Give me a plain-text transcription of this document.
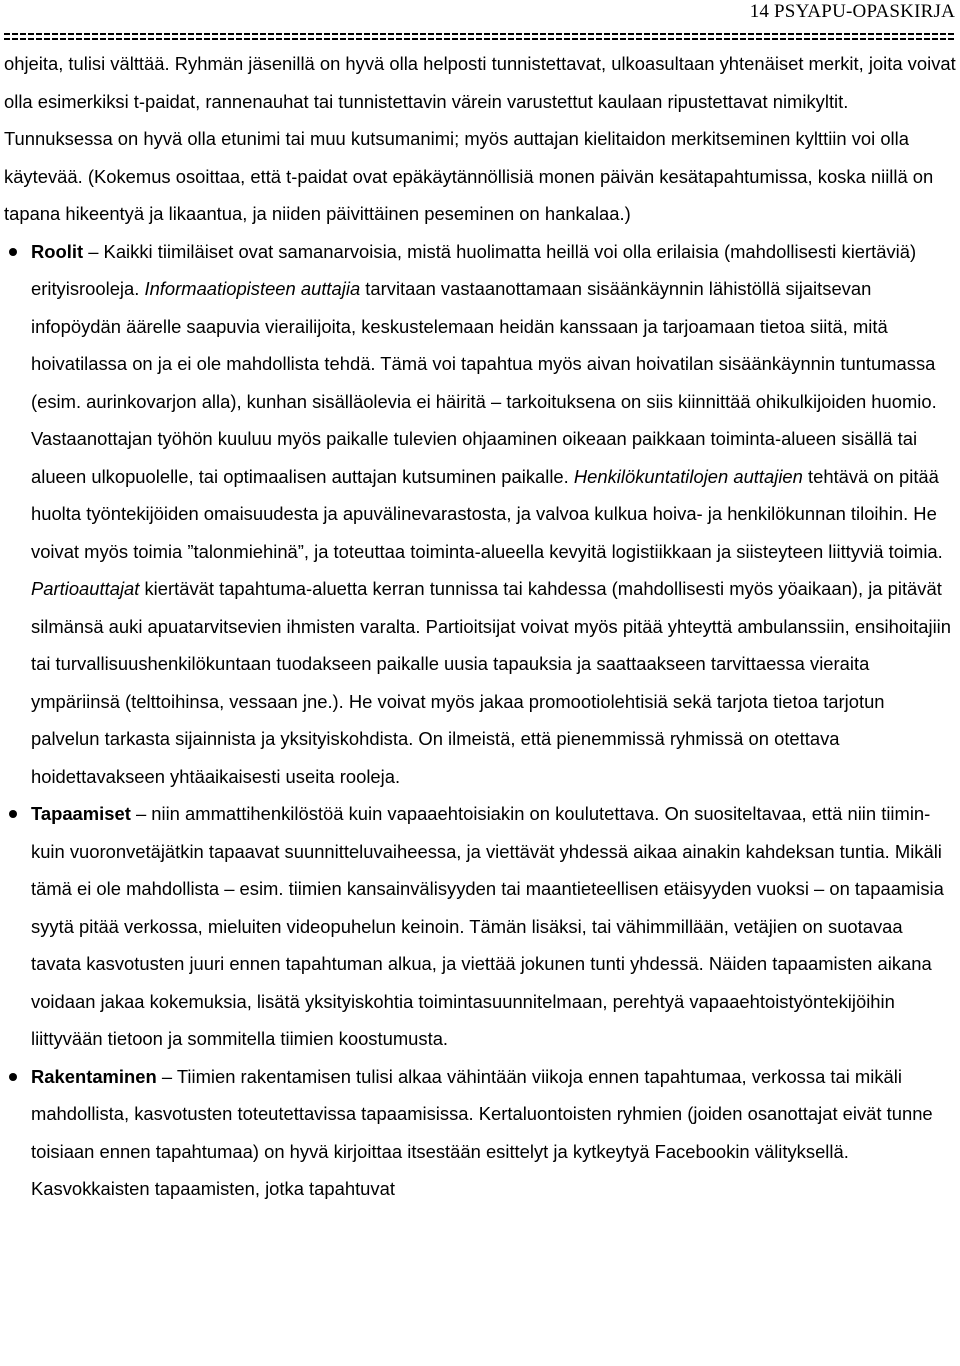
14 PSYAPU-OPASKIRJA

ohjeita, tulisi välttää. Ryhmän jäsenillä on hyvä olla helposti tunnistettavat, ulkoasultaan yhtenäiset merkit, joita voivat olla esimerkiksi t-paidat, rannenauhat tai tunnistettavin värein varustettut kaulaan ripustettavat nimikyltit. Tunnuksessa on hyvä olla etunimi tai muu kutsumanimi; myös auttajan kielitaidon merkitseminen kylttiin voi olla käytevää. (Kokemus osoittaa, että t-paidat ovat epäkäytännöllisiä monen päivän kesätapahtumissa, koska niillä on tapana hikeentyä ja likaantua, ja niiden päivittäinen peseminen on hankalaa.)

Roolit – Kaikki tiimiläiset ovat samanarvoisia, mistä huolimatta heillä voi olla erilaisia (mahdollisesti kiertäviä) erityisrooleja. Informaatiopisteen auttajia tarvitaan vastaanottamaan sisäänkäynnin lähistöllä sijaitsevan infopöydän äärelle saapuvia vierailijoita, keskustelemaan heidän kanssaan ja tarjoamaan tietoa siitä, mitä hoivatilassa on ja ei ole mahdollista tehdä. Tämä voi tapahtua myös aivan hoivatilan sisäänkäynnin tuntumassa (esim. aurinkovarjon alla), kunhan sisälläolevia ei häiritä – tarkoituksena on siis kiinnittää ohikulkijoiden huomio. Vastaanottajan työhön kuuluu myös paikalle tulevien ohjaaminen oikeaan paikkaan toiminta-alueen sisällä tai alueen ulkopuolelle, tai optimaalisen auttajan kutsuminen paikalle. Henkilökuntatilojen auttajien tehtävä on pitää huolta työntekijöiden omaisuudesta ja apuvälinevarastosta, ja valvoa kulkua hoiva- ja henkilökunnan tiloihin. He voivat myös toimia ”talonmiehinä”, ja toteuttaa toiminta-alueella kevyitä logistiikkaan ja siisteyteen liittyviä toimia. Partioauttajat kiertävät tapahtuma-aluetta kerran tunnissa tai kahdessa (mahdollisesti myös yöaikaan), ja pitävät silmänsä auki apuatarvitsevien ihmisten varalta. Partioitsijat voivat myös pitää yhteyttä ambulanssiin, ensihoitajiin tai turvallisuushenkilökuntaan tuodakseen paikalle uusia tapauksia ja saattaakseen tarvittaessa vieraita ympäriinsä (telttoihinsa, vessaan jne.). He voivat myös jakaa promootiolehtisiä sekä tarjota tietoa tarjotun palvelun tarkasta sijainnista ja yksityiskohdista. On ilmeistä, että pienemmissä ryhmissä on otettava hoidettavakseen yhtäaikaisesti useita rooleja.
Tapaamiset – niin ammattihenkilöstöä kuin vapaaehtoisiakin on koulutettava. On suositeltavaa, että niin tiimin- kuin vuoronvetäjätkin tapaavat suunnitteluvaiheessa, ja viettävät yhdessä aikaa ainakin kahdeksan tuntia. Mikäli tämä ei ole mahdollista – esim. tiimien kansainvälisyyden tai maantieteellisen etäisyyden vuoksi – on tapaamisia syytä pitää verkossa, mieluiten videopuhelun keinoin. Tämän lisäksi, tai vähimmillään, vetäjien on suotavaa tavata kasvotusten juuri ennen tapahtuman alkua, ja viettää jokunen tunti yhdessä. Näiden tapaamisten aikana voidaan jakaa kokemuksia, lisätä yksityiskohtia toimintasuunnitelmaan, perehtyä vapaaehtoistyöntekijöihin liittyvään tietoon ja sommitella tiimien koostumusta.
Rakentaminen – Tiimien rakentamisen tulisi alkaa vähintään viikoja ennen tapahtumaa, verkossa tai mikäli mahdollista, kasvotusten toteutettavissa tapaamisissa. Kertaluontoisten ryhmien (joiden osanottajat eivät tunne toisiaan ennen tapahtumaa) on hyvä kirjoittaa itsestään esittelyt ja kytkeytyä Facebookin välityksellä. Kasvokkaisten tapaamisten, jotka tapahtuvat
